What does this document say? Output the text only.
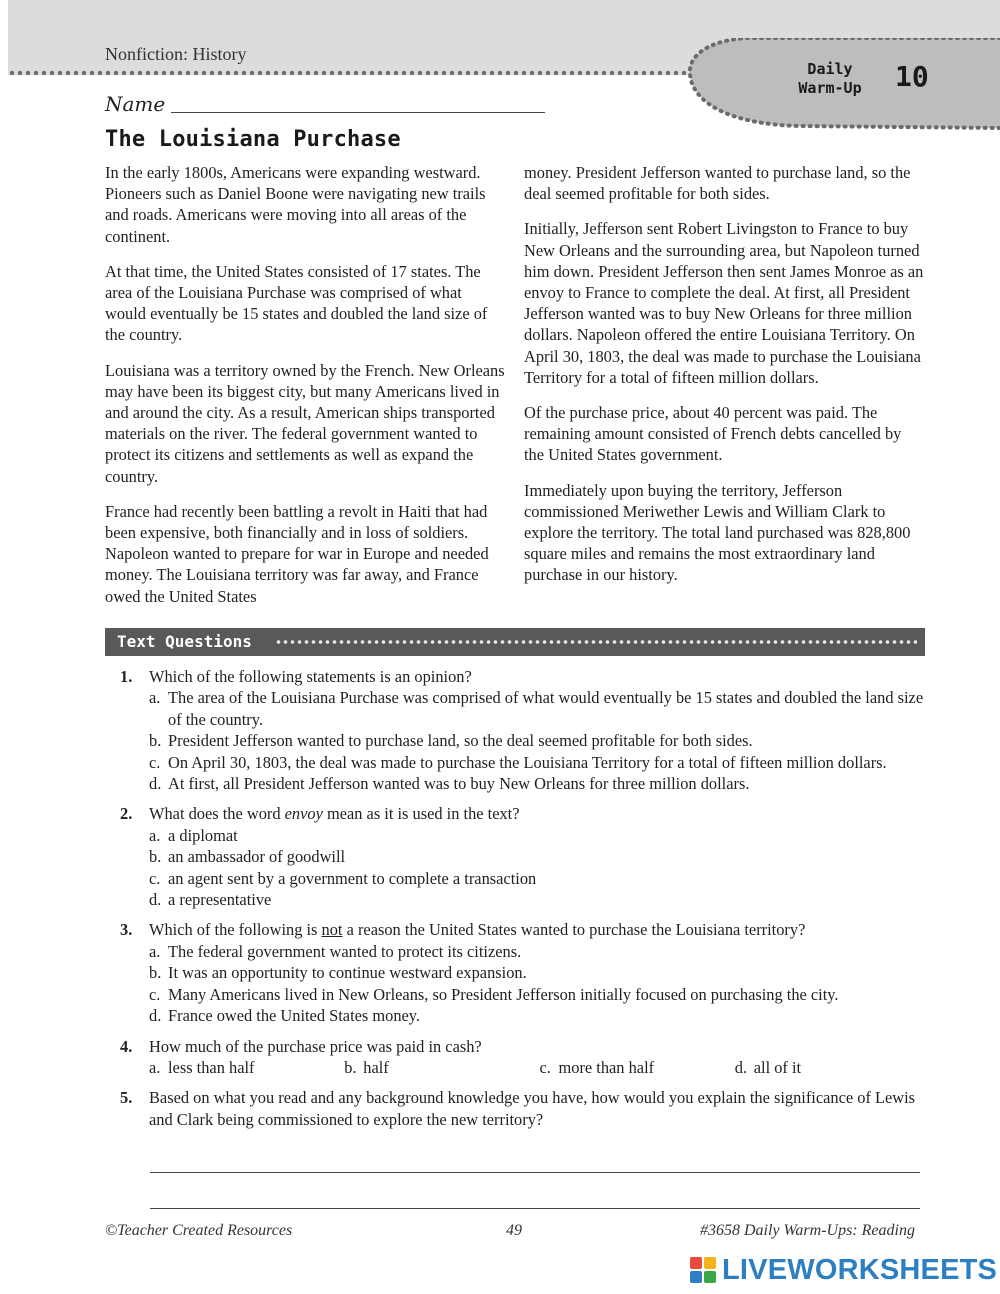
Nonfiction: History
Daily
Warm-Up	10
Name
The Louisiana Purchase

In the early 1800s, Americans were expanding westward. Pioneers such as Daniel Boone were navigating new trails and roads. Americans were moving into all areas of the continent.

At that time, the United States consisted of 17 states. The area of the Louisiana Purchase was comprised of what would eventually be 15 states and doubled the land size of the country.

Louisiana was a territory owned by the French. New Orleans may have been its biggest city, but many Americans lived in and around the city. As a result, American ships transported materials on the river. The federal government wanted to protect its citizens and settlements as well as expand the country.

France had recently been battling a revolt in Haiti that had been expensive, both financially and in loss of soldiers. Napoleon wanted to prepare for war in Europe and needed money. The Louisiana territory was far away, and France owed the United States

money. President Jefferson wanted to purchase land, so the deal seemed profitable for both sides.

Initially, Jefferson sent Robert Livingston to France to buy New Orleans and the surrounding area, but Napoleon turned him down. President Jefferson then sent James Monroe as an envoy to France to complete the deal. At first, all President Jefferson wanted was to buy New Orleans for three million dollars. Napoleon offered the entire Louisiana Territory. On April 30, 1803, the deal was made to purchase the Louisiana Territory for a total of fifteen million dollars.

Of the purchase price, about 40 percent was paid. The remaining amount consisted of French debts cancelled by the United States government.

Immediately upon buying the territory, Jefferson commissioned Meriwether Lewis and William Clark to explore the territory. The total land purchased was 828,800 square miles and remains the most extraordinary land purchase in our history.

Text Questions
1.	Which of the following statements is an opinion?
a. The area of the Louisiana Purchase was comprised of what would eventually be 15 states and doubled the land size of the country.
b. President Jefferson wanted to purchase land, so the deal seemed profitable for both sides.
c. On April 30, 1803, the deal was made to purchase the Louisiana Territory for a total of fifteen million dollars.
d. At first, all President Jefferson wanted was to buy New Orleans for three million dollars.
2.	What does the word envoy mean as it is used in the text?
a. a diplomat
b. an ambassador of goodwill
c. an agent sent by a government to complete a transaction
d. a representative
3.	Which of the following is not a reason the United States wanted to purchase the Louisiana territory?
a. The federal government wanted to protect its citizens.
b. It was an opportunity to continue westward expansion.
c. Many Americans lived in New Orleans, so President Jefferson initially focused on purchasing the city.
d. France owed the United States money.
4.	How much of the purchase price was paid in cash?
a. less than half	b. half	c. more than half	d. all of it
5.	Based on what you read and any background knowledge you have, how would you explain the significance of Lewis and Clark being commissioned to explore the new territory?
©Teacher Created Resources	49	#3658 Daily Warm-Ups: Reading
LIVEWORKSHEETS
